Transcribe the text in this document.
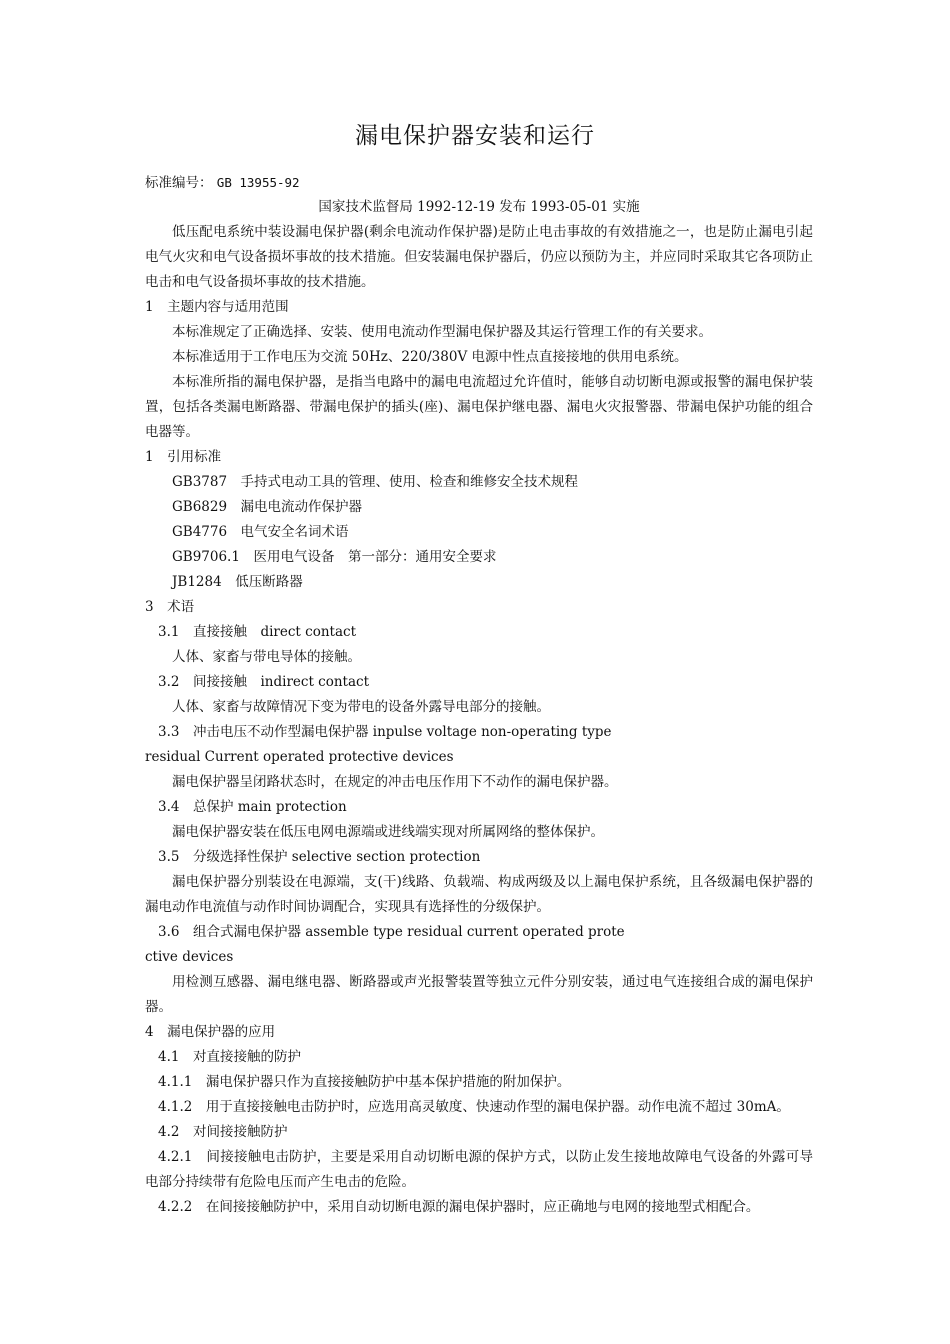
漏电保护器安装和运行
标准编号： GB 13955-92
国家技术监督局 1992-12-19 发布 1993-05-01 实施
低压配电系统中装设漏电保护器(剩余电流动作保护器)是防止电击事故的有效措施之一，也是防止漏电引起电气火灾和电气设备损坏事故的技术措施。但安装漏电保护器后，仍应以预防为主，并应同时采取其它各项防止电击和电气设备损坏事故的技术措施。
1　主题内容与适用范围
本标准规定了正确选择、安装、使用电流动作型漏电保护器及其运行管理工作的有关要求。
本标准适用于工作电压为交流 50Hz、220/380V 电源中性点直接接地的供用电系统。
本标准所指的漏电保护器，是指当电路中的漏电电流超过允许值时，能够自动切断电源或报警的漏电保护装置，包括各类漏电断路器、带漏电保护的插头(座)、漏电保护继电器、漏电火灾报警器、带漏电保护功能的组合电器等。
1　引用标准
GB3787　手持式电动工具的管理、使用、检查和维修安全技术规程
GB6829　漏电电流动作保护器
GB4776　电气安全名词术语
GB9706.1　医用电气设备　第一部分：通用安全要求
JB1284　低压断路器
3　术语
3.1　直接接触　direct contact
人体、家畜与带电导体的接触。
3.2　间接接触　indirect contact
人体、家畜与故障情况下变为带电的设备外露导电部分的接触。
3.3　冲击电压不动作型漏电保护器 inpulse voltage non-operating type
residual Current operated protective devices
漏电保护器呈闭路状态时，在规定的冲击电压作用下不动作的漏电保护器。
3.4　总保护 main protection
漏电保护器安装在低压电网电源端或进线端实现对所属网络的整体保护。
3.5　分级选择性保护 selective section protection
漏电保护器分别装设在电源端，支(干)线路、负载端、构成两级及以上漏电保护系统，且各级漏电保护器的漏电动作电流值与动作时间协调配合，实现具有选择性的分级保护。
3.6　组合式漏电保护器 assemble type residual current operated prote
ctive devices
用检测互感器、漏电继电器、断路器或声光报警装置等独立元件分别安装，通过电气连接组合成的漏电保护器。
4　漏电保护器的应用
4.1　对直接接触的防护
4.1.1　漏电保护器只作为直接接触防护中基本保护措施的附加保护。
4.1.2　用于直接接触电击防护时，应选用高灵敏度、快速动作型的漏电保护器。动作电流不超过 30mA。
4.2　对间接接触防护
4.2.1　间接接触电击防护，主要是采用自动切断电源的保护方式，以防止发生接地故障电气设备的外露可导电部分持续带有危险电压而产生电击的危险。
4.2.2　在间接接触防护中，采用自动切断电源的漏电保护器时，应正确地与电网的接地型式相配合。
